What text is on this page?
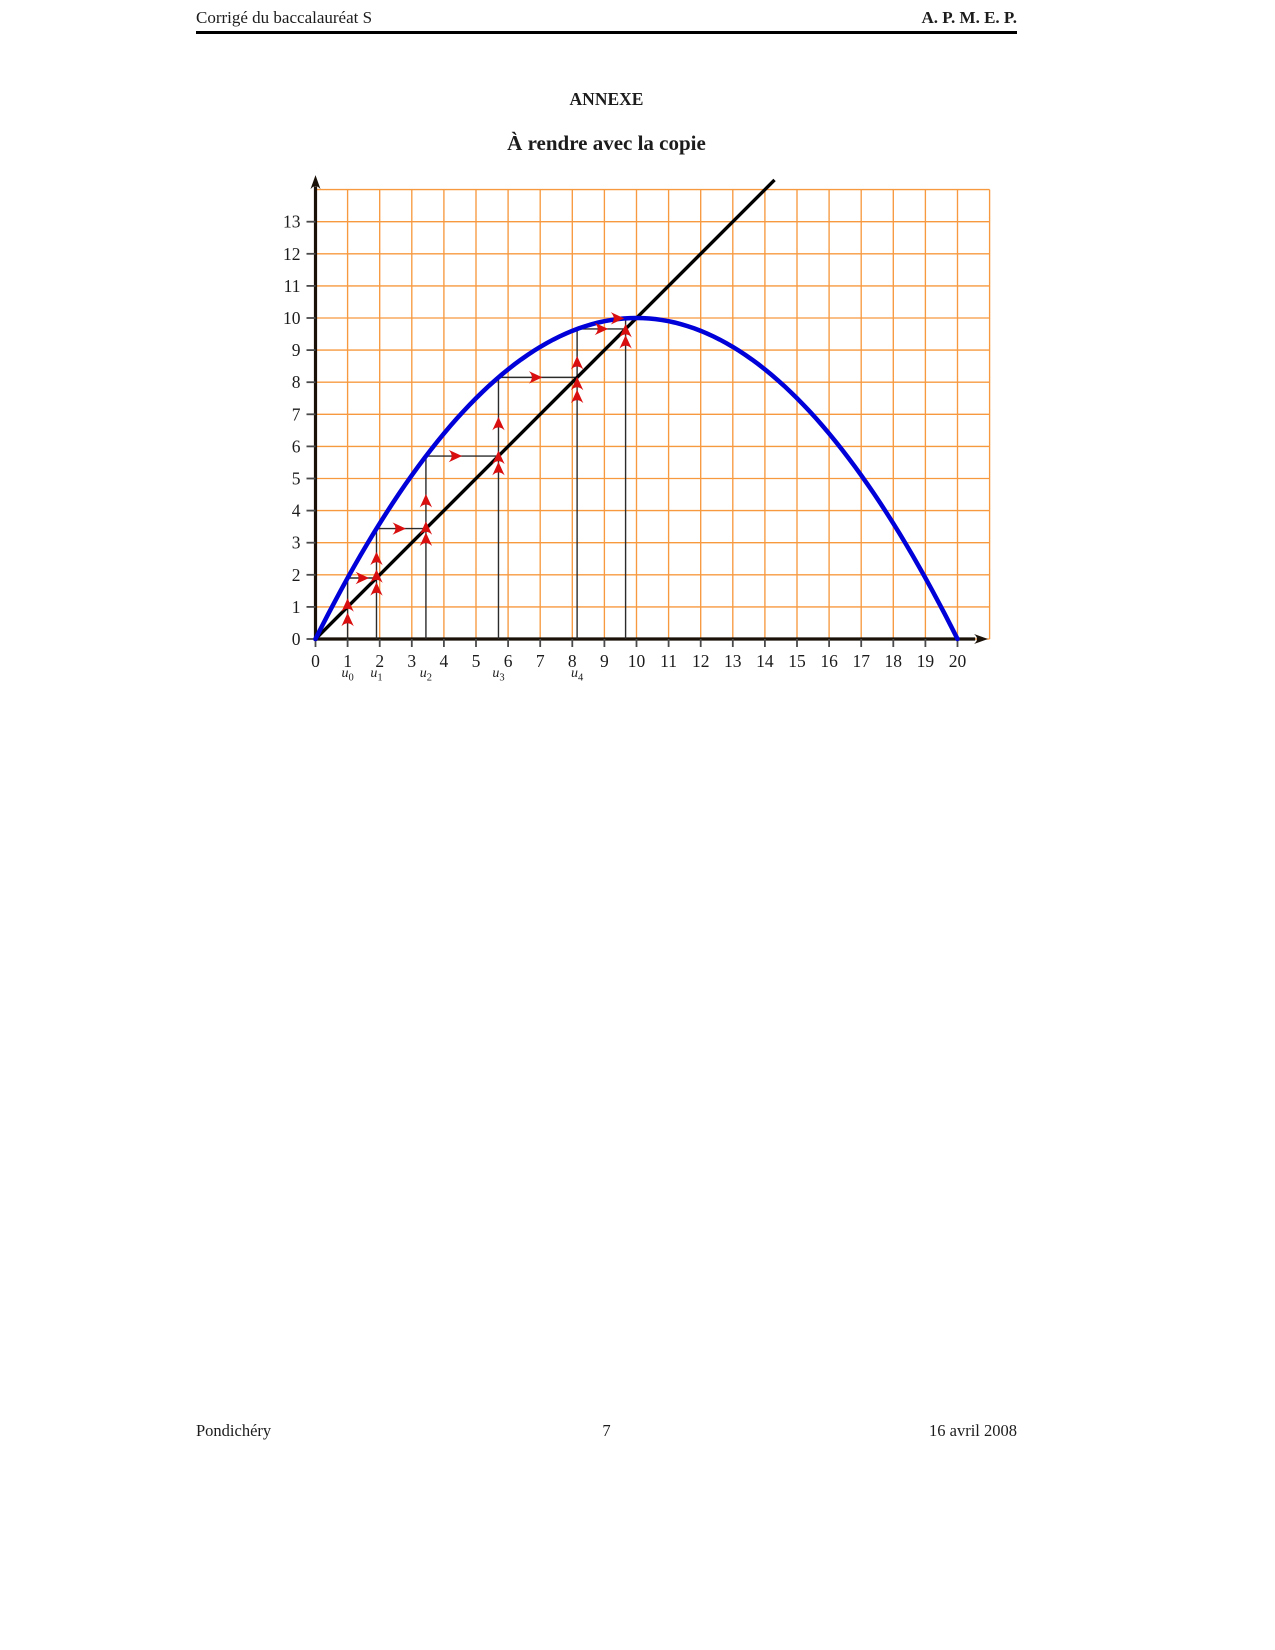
Corrigé du baccalauréat S	A. P. M. E. P.
ANNEXE
À rendre avec la copie
0 1 2 3 4 5 6 7 8 9 10 11 12 13 14 15 16 17 18 19 20
0
1
2
3
4
5
6
7
8
9
10
11
12
13
$u_0$ $u_1$	$u_2$	$u_3$	$u_4$
Pondichéry	7	16 avril 2008
